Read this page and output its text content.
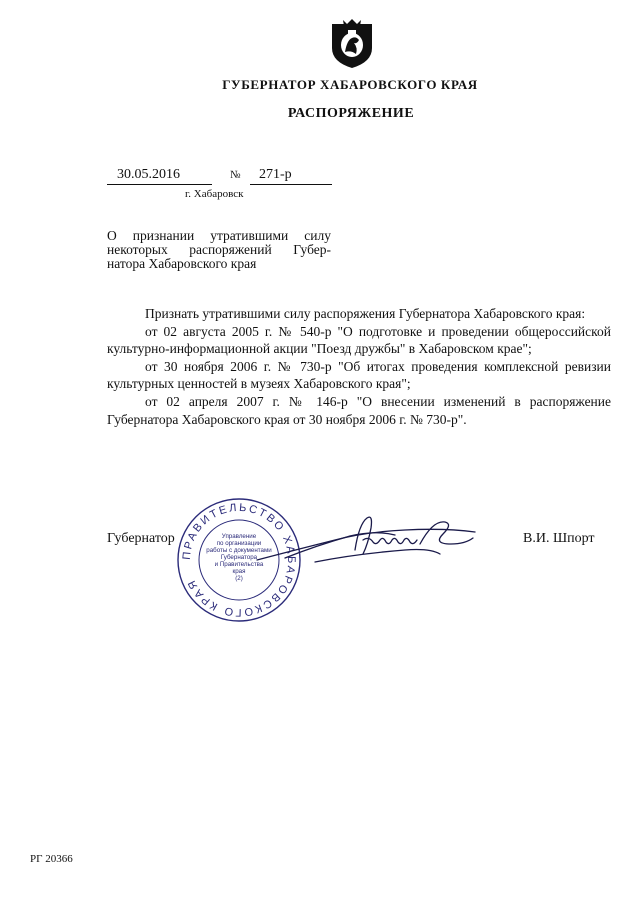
ГУБЕРНАТОР ХАБАРОВСКОГО КРАЯ
РАСПОРЯЖЕНИЕ
30.05.2016	№ 271-р
г. Хабаровск
О признании утратившими силу
некоторых распоряжений Губер-
натора Хабаровского края

Признать утратившими силу распоряжения Губернатора Хабаровского края:

от 02 августа 2005 г. № 540-р "О подготовке и проведении общероссийской культурно-информационной акции "Поезд дружбы" в Хабаровском крае";

от 30 ноября 2006 г. № 730-р "Об итогах проведения комплексной ревизии культурных ценностей в музеях Хабаровского края";

от 02 апреля 2007 г. № 146-р "О внесении изменений в распоряжение Губернатора Хабаровского края от 30 ноября 2006 г. № 730-р".

ПРАВИТЕЛЬСТВО ХАБАРОВСКОГО КРАЯ
Управление
по организации
работы с документами
Губернатора
и Правительства
края
(2)
Губернатор	В.И. Шпорт
РГ 20366
